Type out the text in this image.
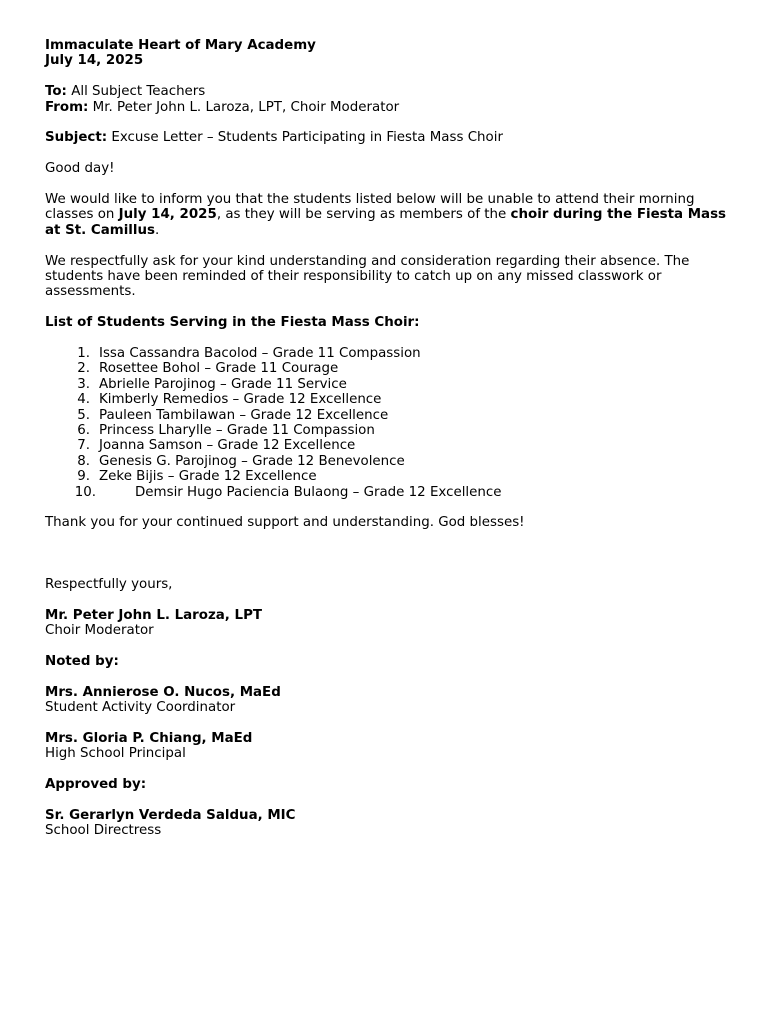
Immaculate Heart of Mary Academy
July 14, 2025
To: All Subject Teachers
From: Mr. Peter John L. Laroza, LPT, Choir Moderator
Subject: Excuse Letter – Students Participating in Fiesta Mass Choir
Good day!
We would like to inform you that the students listed below will be unable to attend their morning classes on July 14, 2025, as they will be serving as members of the choir during the Fiesta Mass at St. Camillus.
We respectfully ask for your kind understanding and consideration regarding their absence. The students have been reminded of their responsibility to catch up on any missed classwork or assessments.
List of Students Serving in the Fiesta Mass Choir:
1. Issa Cassandra Bacolod – Grade 11 Compassion
2. Rosettee Bohol – Grade 11 Courage
3. Abrielle Parojinog – Grade 11 Service
4. Kimberly Remedios – Grade 12 Excellence
5. Pauleen Tambilawan – Grade 12 Excellence
6. Princess Lharylle – Grade 11 Compassion
7. Joanna Samson – Grade 12 Excellence
8. Genesis G. Parojinog – Grade 12 Benevolence
9. Zeke Bijis – Grade 12 Excellence
10.	Demsir Hugo Paciencia Bulaong – Grade 12 Excellence
Thank you for your continued support and understanding. God blesses!
Respectfully yours,
Mr. Peter John L. Laroza, LPT
Choir Moderator
Noted by:
Mrs. Annierose O. Nucos, MaEd
Student Activity Coordinator
Mrs. Gloria P. Chiang, MaEd
High School Principal
Approved by:
Sr. Gerarlyn Verdeda Saldua, MIC
School Directress
